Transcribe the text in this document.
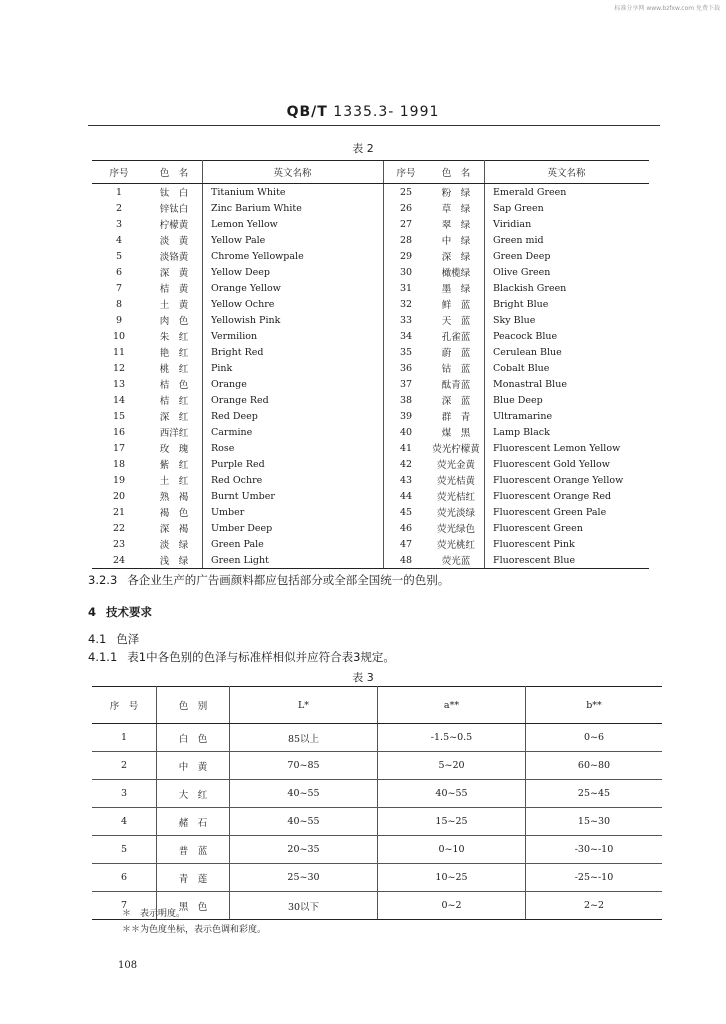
标准分享网 www.bzfxw.com 免费下载
QB/T 1335.3- 1991
表 2
序号	色　名	英文名称	序号	色　名	英文名称
1	钛　白	Titanium White	25	粉　绿	Emerald Green
2	锌钛白	Zinc Barium White	26	草　绿	Sap Green
3	柠檬黄	Lemon Yellow	27	翠　绿	Viridian
4	淡　黄	Yellow Pale	28	中　绿	Green mid
5	淡铬黄	Chrome Yellowpale	29	深　绿	Green Deep
6	深　黄	Yellow Deep	30	橄榄绿	Olive Green
7	桔　黄	Orange Yellow	31	墨　绿	Blackish Green
8	土　黄	Yellow Ochre	32	鲜　蓝	Bright Blue
9	肉　色	Yellowish Pink	33	天　蓝	Sky Blue
10	朱　红	Vermilion	34	孔雀蓝	Peacock Blue
11	艳　红	Bright Red	35	蔚　蓝	Cerulean Blue
12	桃　红	Pink	36	钴　蓝	Cobalt Blue
13	桔　色	Orange	37	酞青蓝	Monastral Blue
14	桔　红	Orange Red	38	深　蓝	Blue Deep
15	深　红	Red Deep	39	群　青	Ultramarine
16	西洋红	Carmine	40	煤　黑	Lamp Black
17	玫　瑰	Rose	41	荧光柠檬黄	Fluorescent Lemon Yellow
18	紫　红	Purple Red	42	荧光金黄	Fluorescent Gold Yellow
19	土　红	Red Ochre	43	荧光桔黄	Fluorescent Orange Yellow
20	熟　褐	Burnt Umber	44	荧光桔红	Fluorescent Orange Red
21	褐　色	Umber	45	荧光淡绿	Fluorescent Green Pale
22	深　褐	Umber Deep	46	荧光绿色	Fluorescent Green
23	淡　绿	Green Pale	47	荧光桃红	Fluorescent Pink
24	浅　绿	Green Light	48	荧光蓝	Fluorescent Blue
3.2.3 各企业生产的广告画颜料都应包括部分或全部全国统一的色别。
4 技术要求
4.1 色泽
4.1.1 表1中各色别的色泽与标准样相似并应符合表3规定。
表 3
序　号	色　别	L*	a**	b**
1	白　色	85以上	-1.5~0.5	0~6
2	中　黄	70~85	5~20	60~80
3	大　红	40~55	40~55	25~45
4	赭　石	40~55	15~25	15~30
5	普　蓝	20~35	0~10	-30~-10
6	青　莲	25~30	10~25	-25~-10
7	黑　色	30以下	0~2	2~2
＊　表示明度。
＊＊为色度坐标，表示色调和彩度。
108
